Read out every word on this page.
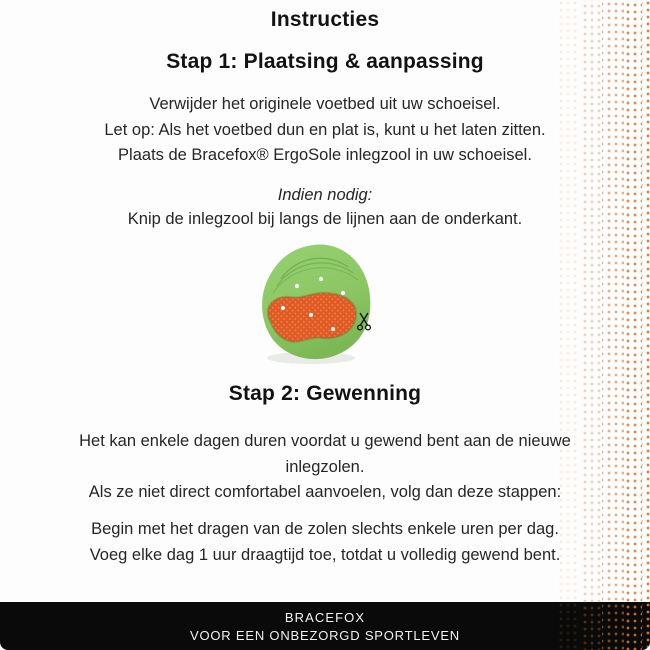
Instructies
Stap 1: Plaatsing & aanpassing
Verwijder het originele voetbed uit uw schoeisel.
Let op: Als het voetbed dun en plat is, kunt u het laten zitten.
Plaats de Bracefox® ErgoSole inlegzool in uw schoeisel.
Indien nodig:
Knip de inlegzool bij langs de lijnen aan de onderkant.
Stap 2: Gewenning
Het kan enkele dagen duren voordat u gewend bent aan de nieuwe
inlegzolen.
Als ze niet direct comfortabel aanvoelen, volg dan deze stappen:
Begin met het dragen van de zolen slechts enkele uren per dag.
Voeg elke dag 1 uur draagtijd toe, totdat u volledig gewend bent.
BRACEFOX
VOOR EEN ONBEZORGD SPORTLEVEN
